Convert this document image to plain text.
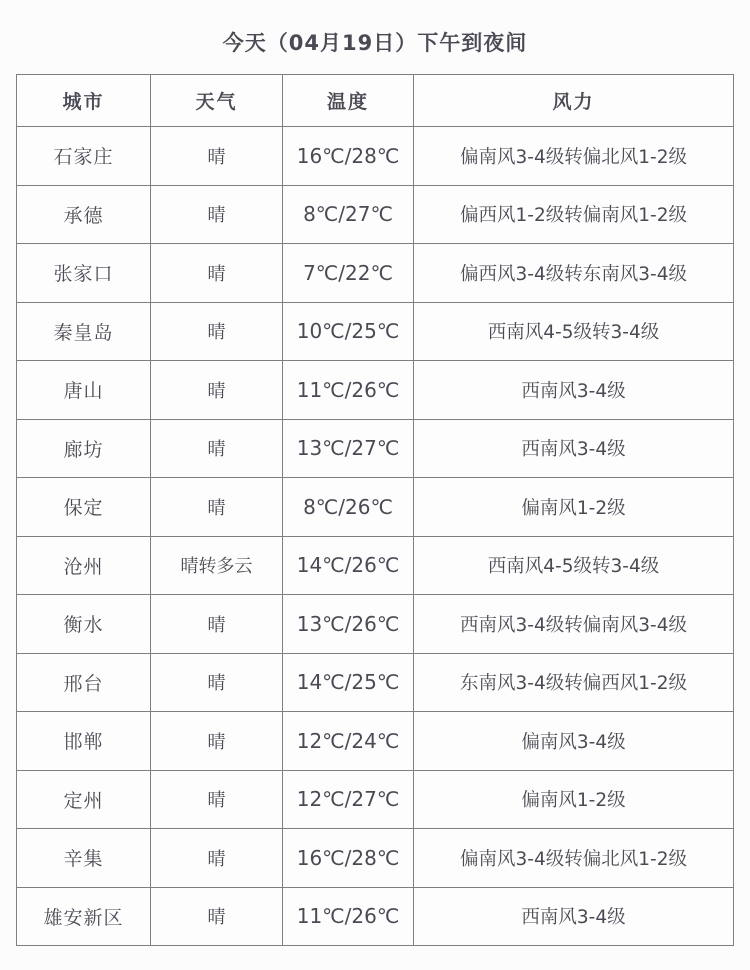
今天（04月19日）下午到夜间
城市	天气	温度	风力
石家庄	晴	16℃/28℃	偏南风3-4级转偏北风1-2级
承德	晴	8℃/27℃	偏西风1-2级转偏南风1-2级
张家口	晴	7℃/22℃	偏西风3-4级转东南风3-4级
秦皇岛	晴	10℃/25℃	西南风4-5级转3-4级
唐山	晴	11℃/26℃	西南风3-4级
廊坊	晴	13℃/27℃	西南风3-4级
保定	晴	8℃/26℃	偏南风1-2级
沧州	晴转多云	14℃/26℃	西南风4-5级转3-4级
衡水	晴	13℃/26℃	西南风3-4级转偏南风3-4级
邢台	晴	14℃/25℃	东南风3-4级转偏西风1-2级
邯郸	晴	12℃/24℃	偏南风3-4级
定州	晴	12℃/27℃	偏南风1-2级
辛集	晴	16℃/28℃	偏南风3-4级转偏北风1-2级
雄安新区	晴	11℃/26℃	西南风3-4级
